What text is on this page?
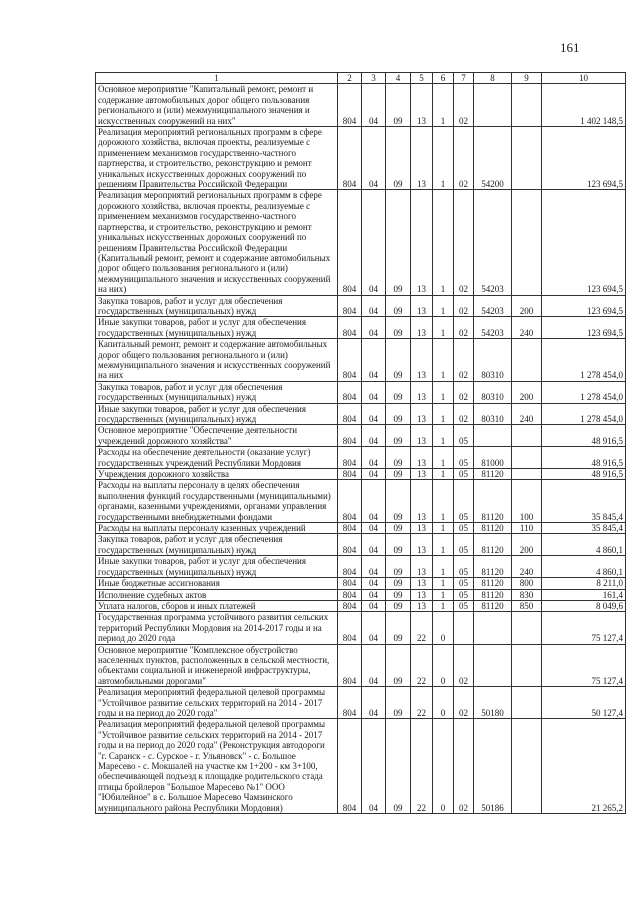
161
1	2	3	4	5	6	7	8	9	10
Основное мероприятие "Капитальный ремонт, ремонт и содержание автомобильных дорог общего пользования регионального и (или) межмуниципального значения и искусственных сооружений на них"	804	04	09	13	1	02			1 402 148,5
Реализация мероприятий региональных программ в сфере дорожного хозяйства, включая проекты, реализуемые с применением механизмов государственно-частного партнерства, и строительство, реконструкцию и ремонт уникальных искусственных дорожных сооружений по решениям Правительства Российской Федерации	804	04	09	13	1	02	54200		123 694,5
Реализация мероприятий региональных программ в сфере дорожного хозяйства, включая проекты, реализуемые с применением механизмов государственно-частного партнерства, и строительство, реконструкцию и ремонт уникальных искусственных дорожных сооружений по решениям Правительства Российской Федерации (Капитальный ремонт, ремонт и содержание автомобильных дорог общего пользования регионального и (или) межмуниципального значения и искусственных сооружений на них)	804	04	09	13	1	02	54203		123 694,5
Закупка товаров, работ и услуг для обеспечения государственных (муниципальных) нужд	804	04	09	13	1	02	54203	200	123 694,5
Иные закупки товаров, работ и услуг для обеспечения государственных (муниципальных) нужд	804	04	09	13	1	02	54203	240	123 694,5
Капитальный ремонт, ремонт и содержание автомобильных дорог общего пользования регионального и (или) межмуниципального значения и искусственных сооружений на них	804	04	09	13	1	02	80310		1 278 454,0
Закупка товаров, работ и услуг для обеспечения государственных (муниципальных) нужд	804	04	09	13	1	02	80310	200	1 278 454,0
Иные закупки товаров, работ и услуг для обеспечения государственных (муниципальных) нужд	804	04	09	13	1	02	80310	240	1 278 454,0
Основное мероприятие "Обеспечение деятельности учреждений дорожного хозяйства"	804	04	09	13	1	05			48 916,5
Расходы на обеспечение деятельности (оказание услуг) государственных учреждений Республики Мордовия	804	04	09	13	1	05	81000		48 916,5
Учреждения дорожного хозяйства	804	04	09	13	1	05	81120		48 916,5
Расходы на выплаты персоналу в целях обеспечения выполнения функций государственными (муниципальными) органами, казенными учреждениями, органами управления государственными внебюджетными фондами	804	04	09	13	1	05	81120	100	35 845,4
Расходы на выплаты персоналу казенных учреждений	804	04	09	13	1	05	81120	110	35 845,4
Закупка товаров, работ и услуг для обеспечения государственных (муниципальных) нужд	804	04	09	13	1	05	81120	200	4 860,1
Иные закупки товаров, работ и услуг для обеспечения государственных (муниципальных) нужд	804	04	09	13	1	05	81120	240	4 860,1
Иные бюджетные ассигнования	804	04	09	13	1	05	81120	800	8 211,0
Исполнение судебных актов	804	04	09	13	1	05	81120	830	161,4
Уплата налогов, сборов и иных платежей	804	04	09	13	1	05	81120	850	8 049,6
Государственная программа устойчивого развития сельских территорий Республики Мордовия на 2014-2017 годы и на период до 2020 года	804	04	09	22	0				75 127,4
Основное мероприятие "Комплексное обустройство населенных пунктов, расположенных в сельской местности, объектами социальной и инженерной инфраструктуры, автомобильными дорогами"	804	04	09	22	0	02			75 127,4
Реализация мероприятий федеральной целевой программы "Устойчивое развитие сельских территорий на 2014 - 2017 годы и на период до 2020 года"	804	04	09	22	0	02	50180		50 127,4
Реализация мероприятий федеральной целевой программы "Устойчивое развитие сельских территорий на 2014 - 2017 годы и на период до 2020 года" (Реконструкция автодороги "г. Саранск - с. Сурское - г. Ульяновск" - с. Большое Маресево - с. Мокшалей на участке км 1+200 - км 3+100, обеспечивающей подъезд к площадке родительского стада птицы бройлеров "Большое Маресево №1" ООО "Юбилейное" в с. Большое Маресево Чамзинского муниципального района Республики Мордовия)	804	04	09	22	0	02	50186		21 265,2
